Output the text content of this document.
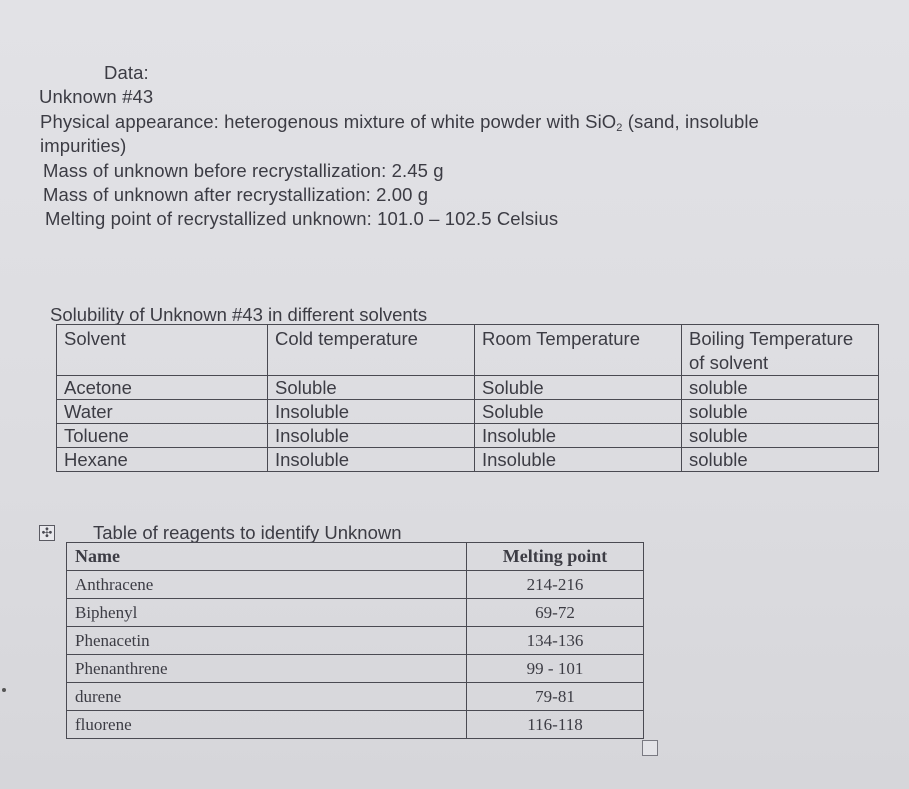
Data:
Unknown #43
Physical appearance: heterogenous mixture of white powder with SiO$_2$ (sand, insoluble
impurities)
Mass of unknown before recrystallization: 2.45 g
Mass of unknown after recrystallization: 2.00 g
Melting point of recrystallized unknown: 101.0 – 102.5 Celsius
Solubility of Unknown #43 in different solvents
Solvent	Cold temperature	Room Temperature	Boiling Temperature
of solvent
Acetone	Soluble	Soluble	soluble
Water	Insoluble	Soluble	soluble
Toluene	Insoluble	Insoluble	soluble
Hexane	Insoluble	Insoluble	soluble
✣ Table of reagents to identify Unknown
Name	Melting point
Anthracene	214-216
Biphenyl	69-72
Phenacetin	134-136
Phenanthrene	99 - 101
durene	79-81
fluorene	116-118
